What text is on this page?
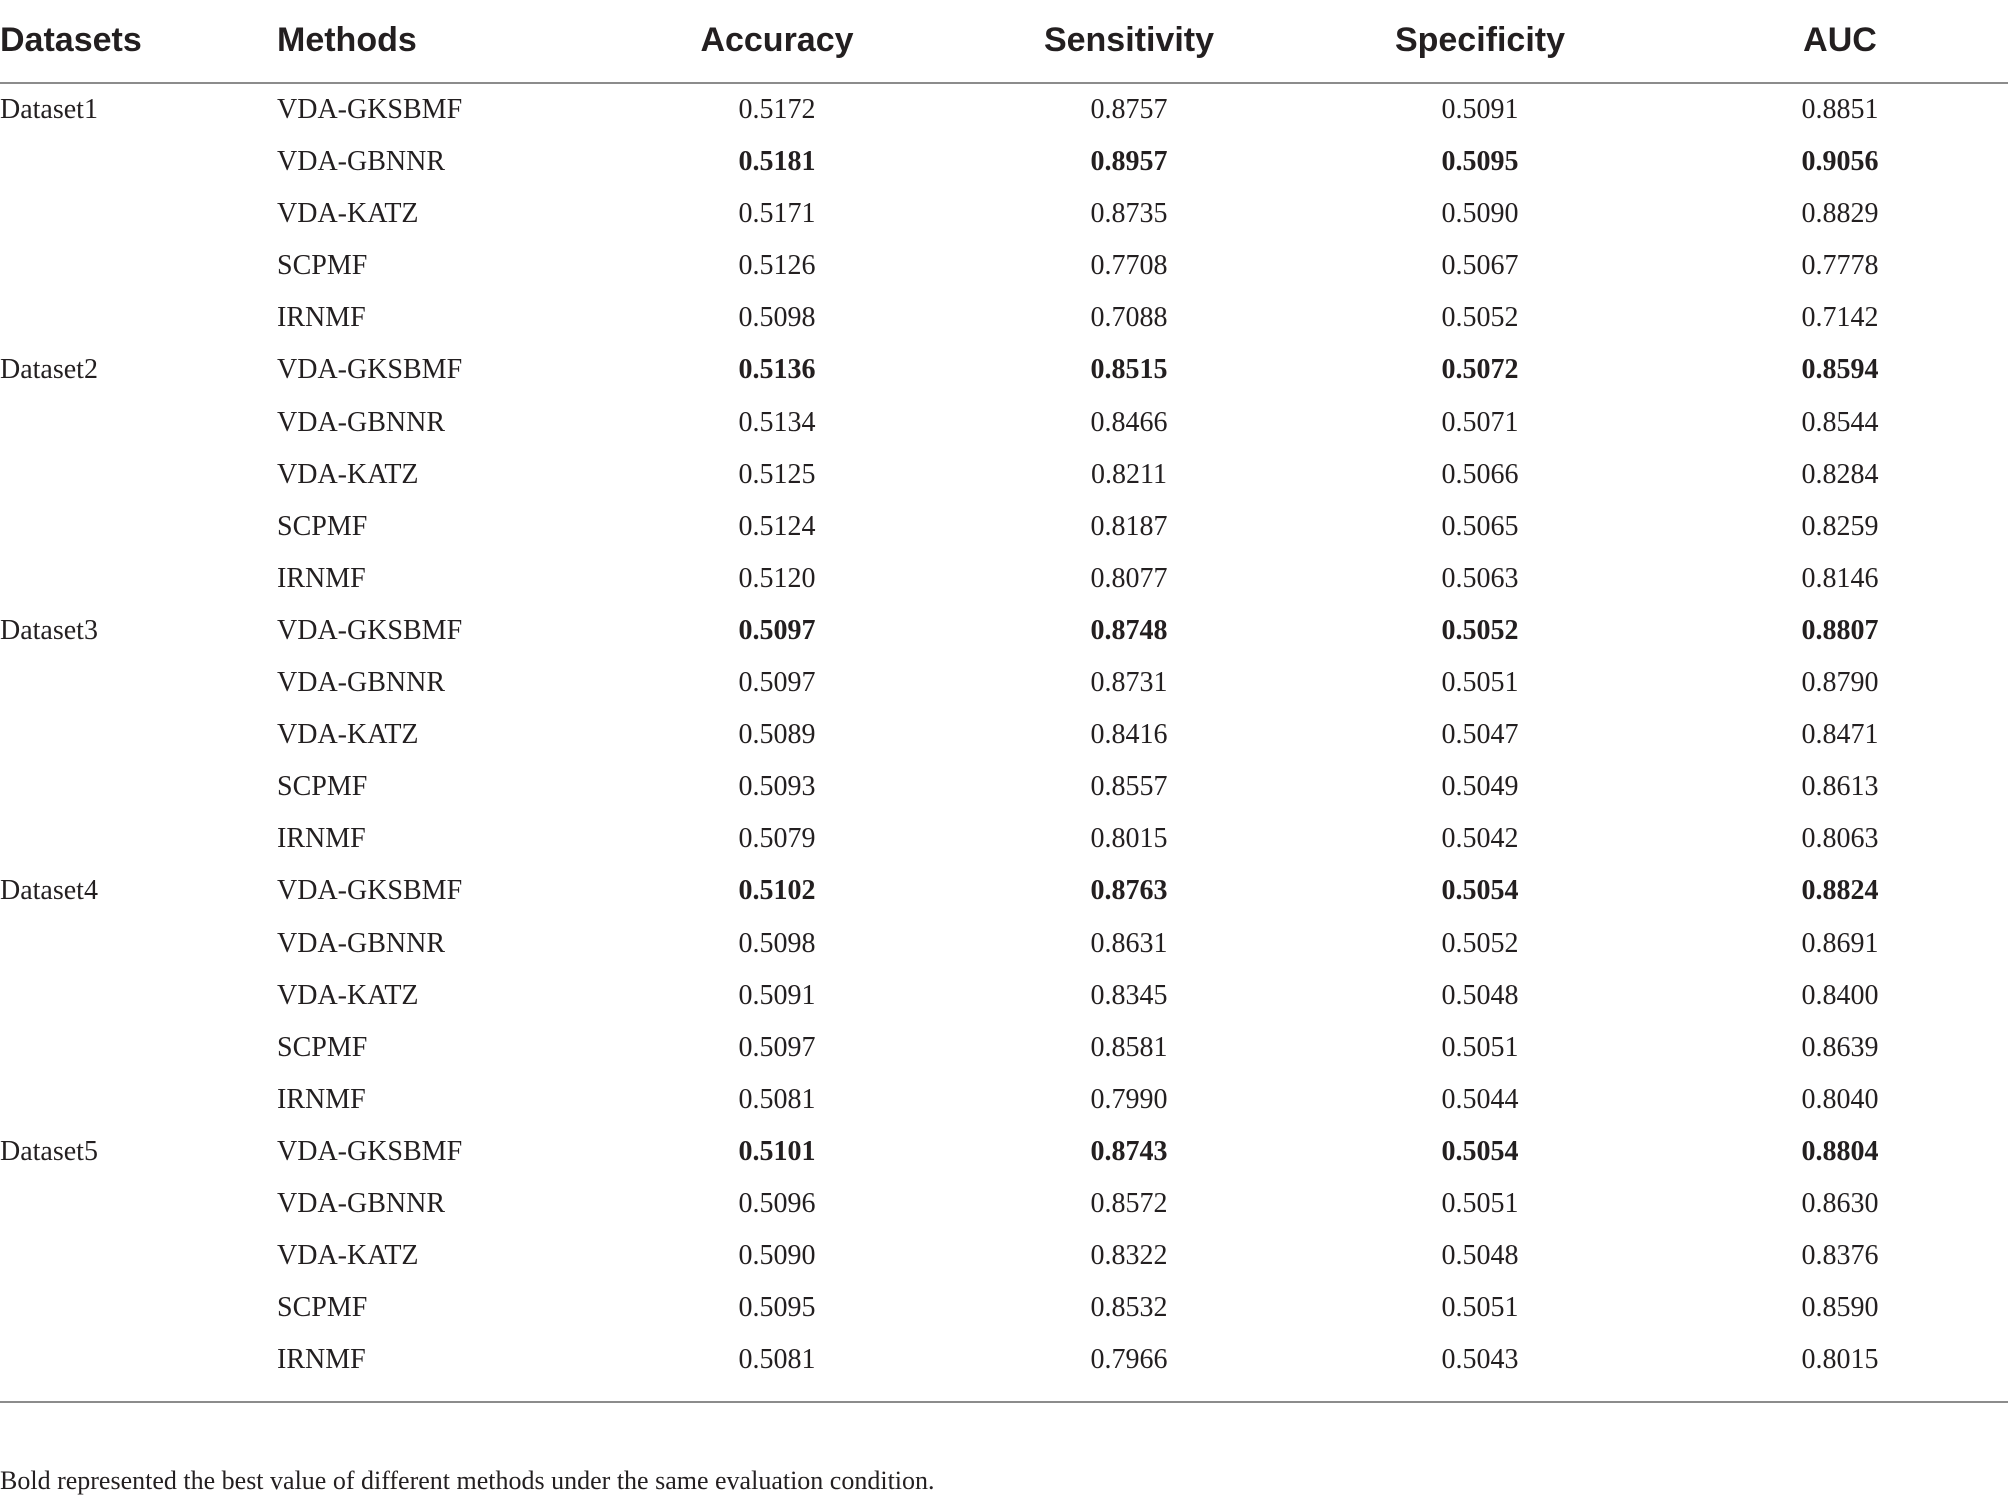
Datasets	Methods	Accuracy	Sensitivity	Specificity	AUC
Dataset1	VDA-GKSBMF	0.5172	0.8757	0.5091	0.8851
VDA-GBNNR	0.5181	0.8957	0.5095	0.9056
VDA-KATZ	0.5171	0.8735	0.5090	0.8829
SCPMF	0.5126	0.7708	0.5067	0.7778
IRNMF	0.5098	0.7088	0.5052	0.7142
Dataset2	VDA-GKSBMF	0.5136	0.8515	0.5072	0.8594
VDA-GBNNR	0.5134	0.8466	0.5071	0.8544
VDA-KATZ	0.5125	0.8211	0.5066	0.8284
SCPMF	0.5124	0.8187	0.5065	0.8259
IRNMF	0.5120	0.8077	0.5063	0.8146
Dataset3	VDA-GKSBMF	0.5097	0.8748	0.5052	0.8807
VDA-GBNNR	0.5097	0.8731	0.5051	0.8790
VDA-KATZ	0.5089	0.8416	0.5047	0.8471
SCPMF	0.5093	0.8557	0.5049	0.8613
IRNMF	0.5079	0.8015	0.5042	0.8063
Dataset4	VDA-GKSBMF	0.5102	0.8763	0.5054	0.8824
VDA-GBNNR	0.5098	0.8631	0.5052	0.8691
VDA-KATZ	0.5091	0.8345	0.5048	0.8400
SCPMF	0.5097	0.8581	0.5051	0.8639
IRNMF	0.5081	0.7990	0.5044	0.8040
Dataset5	VDA-GKSBMF	0.5101	0.8743	0.5054	0.8804
VDA-GBNNR	0.5096	0.8572	0.5051	0.8630
VDA-KATZ	0.5090	0.8322	0.5048	0.8376
SCPMF	0.5095	0.8532	0.5051	0.8590
IRNMF	0.5081	0.7966	0.5043	0.8015
Bold represented the best value of different methods under the same evaluation condition.
